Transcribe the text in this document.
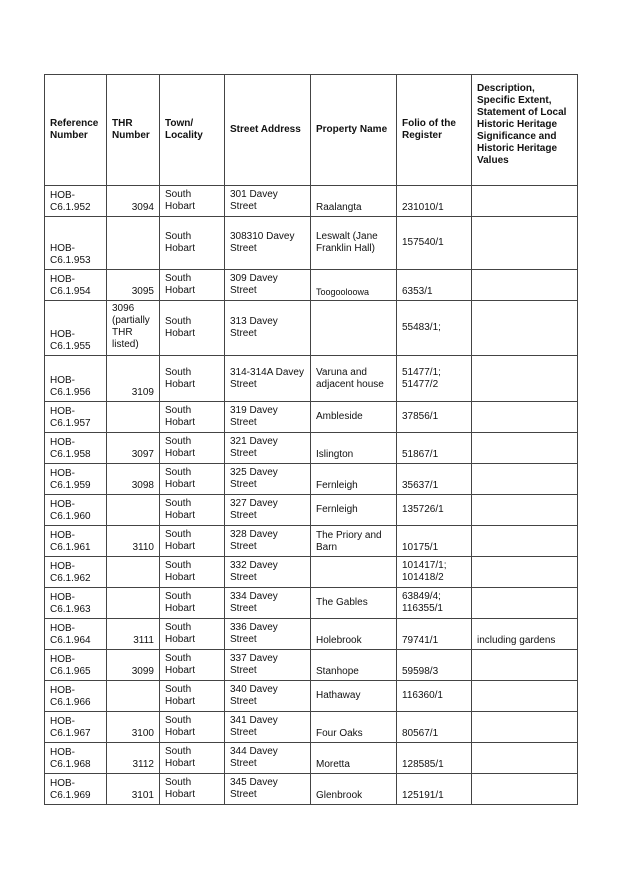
Reference Number	THR Number	Town/ Locality	Street Address	Property Name	Folio of the Register	Description, Specific Extent, Statement of Local Historic Heritage Significance and Historic Heritage Values
HOB-C6.1.952	3094	South Hobart	301 Davey Street	Raalangta	231010/1	
HOB-C6.1.953		South Hobart	308310 Davey Street	Leswalt (Jane Franklin Hall)	157540/1	
HOB-C6.1.954	3095	South Hobart	309 Davey Street	Toogooloowa	6353/1	
HOB-C6.1.955	3096 (partially THR listed)	South Hobart	313 Davey Street		55483/1;	
HOB-C6.1.956	3109	South Hobart	314-314A Davey Street	Varuna and adjacent house	51477/1; 51477/2	
HOB-C6.1.957		South Hobart	319 Davey Street	Ambleside	37856/1	
HOB-C6.1.958	3097	South Hobart	321 Davey Street	Islington	51867/1	
HOB-C6.1.959	3098	South Hobart	325 Davey Street	Fernleigh	35637/1	
HOB-C6.1.960		South Hobart	327 Davey Street	Fernleigh	135726/1	
HOB-C6.1.961	3110	South Hobart	328 Davey Street	The Priory and Barn	10175/1	
HOB-C6.1.962		South Hobart	332 Davey Street		101417/1; 101418/2	
HOB-C6.1.963		South Hobart	334 Davey Street	The Gables	63849/4; 116355/1	
HOB-C6.1.964	3111	South Hobart	336 Davey Street	Holebrook	79741/1	including gardens
HOB-C6.1.965	3099	South Hobart	337 Davey Street	Stanhope	59598/3	
HOB-C6.1.966		South Hobart	340 Davey Street	Hathaway	116360/1	
HOB-C6.1.967	3100	South Hobart	341 Davey Street	Four Oaks	80567/1	
HOB-C6.1.968	3112	South Hobart	344 Davey Street	Moretta	128585/1	
HOB-C6.1.969	3101	South Hobart	345 Davey Street	Glenbrook	125191/1	
